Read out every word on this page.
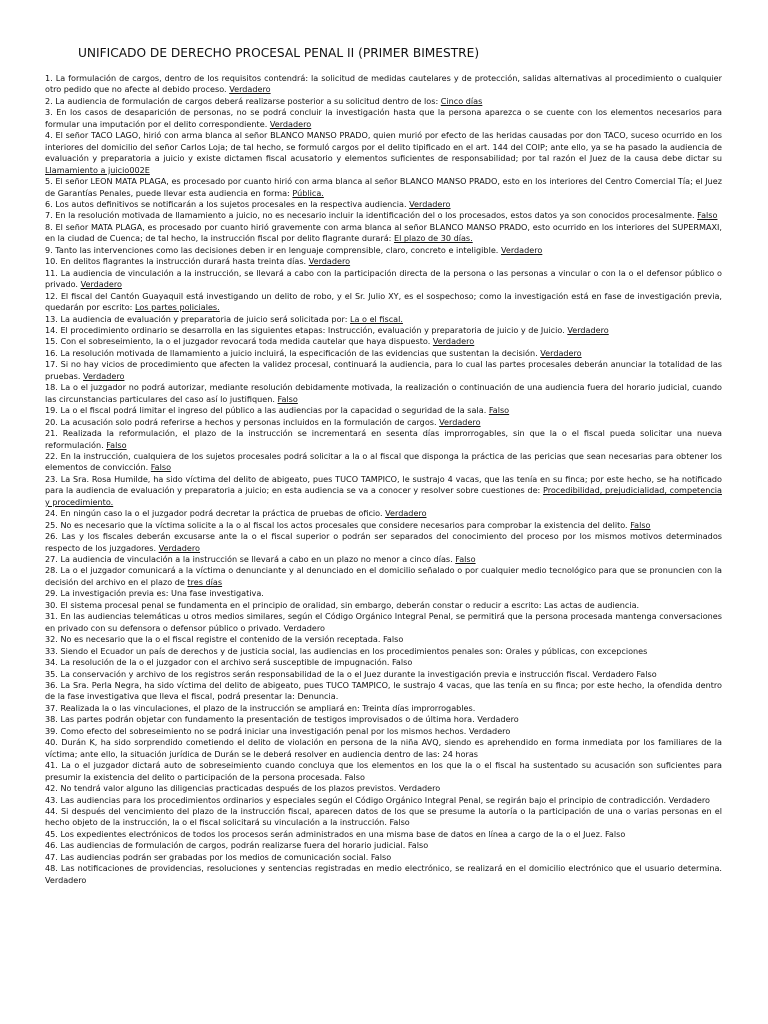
UNIFICADO DE DERECHO PROCESAL PENAL II (PRIMER BIMESTRE)

1. La formulación de cargos, dentro de los requisitos contendrá: la solicitud de medidas cautelares y de protección, salidas alternativas al procedimiento o cualquier otro pedido que no afecte al debido proceso. Verdadero

2. La audiencia de formulación de cargos deberá realizarse posterior a su solicitud dentro de los: Cinco días

3. En los casos de desaparición de personas, no se podrá concluir la investigación hasta que la persona aparezca o se cuente con los elementos necesarios para formular una imputación por el delito correspondiente. Verdadero

4. El señor TACO LAGO, hirió con arma blanca al señor BLANCO MANSO PRADO, quien murió por efecto de las heridas causadas por don TACO, suceso ocurrido en los interiores del domicilio del señor Carlos Loja; de tal hecho, se formuló cargos por el delito tipificado en el art. 144 del COIP; ante ello, ya se ha pasado la audiencia de evaluación y preparatoria a juicio y existe dictamen fiscal acusatorio y elementos suficientes de responsabilidad; por tal razón el Juez de la causa debe dictar su Llamamiento a juicio002E

5. El señor LEON MATA PLAGA, es procesado por cuanto hirió con arma blanca al señor BLANCO MANSO PRADO, esto en los interiores del Centro Comercial Tía; el Juez de Garantías Penales, puede llevar esta audiencia en forma: Pública.

6. Los autos definitivos se notificarán a los sujetos procesales en la respectiva audiencia. Verdadero

7. En la resolución motivada de llamamiento a juicio, no es necesario incluir la identificación del o los procesados, estos datos ya son conocidos procesalmente. Falso

8. El señor MATA PLAGA, es procesado por cuanto hirió gravemente con arma blanca al señor BLANCO MANSO PRADO, esto ocurrido en los interiores del SUPERMAXI, en la ciudad de Cuenca; de tal hecho, la instrucción fiscal por delito flagrante durará: El plazo de 30 días.

9. Tanto las intervenciones como las decisiones deben ir en lenguaje comprensible, claro, concreto e inteligible. Verdadero

10. En delitos flagrantes la instrucción durará hasta treinta días. Verdadero

11. La audiencia de vinculación a la instrucción, se llevará a cabo con la participación directa de la persona o las personas a vincular o con la o el defensor público o privado. Verdadero

12. El fiscal del Cantón Guayaquil está investigando un delito de robo, y el Sr. Julio XY, es el sospechoso; como la investigación está en fase de investigación previa, quedarán por escrito: Los partes policiales.

13. La audiencia de evaluación y preparatoria de juicio será solicitada por: La o el fiscal.

14. El procedimiento ordinario se desarrolla en las siguientes etapas: Instrucción, evaluación y preparatoria de juicio y de Juicio. Verdadero

15. Con el sobreseimiento, la o el juzgador revocará toda medida cautelar que haya dispuesto. Verdadero

16. La resolución motivada de llamamiento a juicio incluirá, la especificación de las evidencias que sustentan la decisión. Verdadero

17. Si no hay vicios de procedimiento que afecten la validez procesal, continuará la audiencia, para lo cual las partes procesales deberán anunciar la totalidad de las pruebas. Verdadero

18. La o el juzgador no podrá autorizar, mediante resolución debidamente motivada, la realización o continuación de una audiencia fuera del horario judicial, cuando las circunstancias particulares del caso así lo justifiquen. Falso

19. La o el fiscal podrá limitar el ingreso del público a las audiencias por la capacidad o seguridad de la sala. Falso

20. La acusación solo podrá referirse a hechos y personas incluidos en la formulación de cargos. Verdadero

21. Realizada la reformulación, el plazo de la instrucción se incrementará en sesenta días improrrogables, sin que la o el fiscal pueda solicitar una nueva reformulación. Falso

22. En la instrucción, cualquiera de los sujetos procesales podrá solicitar a la o al fiscal que disponga la práctica de las pericias que sean necesarias para obtener los elementos de convicción. Falso

23. La Sra. Rosa Humilde, ha sido víctima del delito de abigeato, pues TUCO TAMPICO, le sustrajo 4 vacas, que las tenía en su finca; por este hecho, se ha notificado para la audiencia de evaluación y preparatoria a juicio; en esta audiencia se va a conocer y resolver sobre cuestiones de: Procedibilidad, prejudicialidad, competencia y procedimiento.

24. En ningún caso la o el juzgador podrá decretar la práctica de pruebas de oficio. Verdadero

25. No es necesario que la víctima solicite a la o al fiscal los actos procesales que considere necesarios para comprobar la existencia del delito. Falso

26. Las y los fiscales deberán excusarse ante la o el fiscal superior o podrán ser separados del conocimiento del proceso por los mismos motivos determinados respecto de los juzgadores. Verdadero

27. La audiencia de vinculación a la instrucción se llevará a cabo en un plazo no menor a cinco días. Falso

28. La o el juzgador comunicará a la víctima o denunciante y al denunciado en el domicilio señalado o por cualquier medio tecnológico para que se pronuncien con la decisión del archivo en el plazo de tres días

29. La investigación previa es: Una fase investigativa.

30. El sistema procesal penal se fundamenta en el principio de oralidad, sin embargo, deberán constar o reducir a escrito: Las actas de audiencia.

31. En las audiencias telemáticas u otros medios similares, según el Código Orgánico Integral Penal, se permitirá que la persona procesada mantenga conversaciones en privado con su defensora o defensor público o privado. Verdadero

32. No es necesario que la o el fiscal registre el contenido de la versión receptada. Falso

33. Siendo el Ecuador un país de derechos y de justicia social, las audiencias en los procedimientos penales son: Orales y públicas, con excepciones

34. La resolución de la o el juzgador con el archivo será susceptible de impugnación. Falso

35. La conservación y archivo de los registros serán responsabilidad de la o el Juez durante la investigación previa e instrucción fiscal. Verdadero Falso

36. La Sra. Perla Negra, ha sido víctima del delito de abigeato, pues TUCO TAMPICO, le sustrajo 4 vacas, que las tenía en su finca; por este hecho, la ofendida dentro de la fase investigativa que lleva el fiscal, podrá presentar la: Denuncia.

37. Realizada la o las vinculaciones, el plazo de la instrucción se ampliará en: Treinta días improrrogables.

38. Las partes podrán objetar con fundamento la presentación de testigos improvisados o de última hora. Verdadero

39. Como efecto del sobreseimiento no se podrá iniciar una investigación penal por los mismos hechos. Verdadero

40. Durán K, ha sido sorprendido cometiendo el delito de violación en persona de la niña AVQ, siendo es aprehendido en forma inmediata por los familiares de la víctima; ante ello, la situación jurídica de Durán se le deberá resolver en audiencia dentro de las: 24 horas

41. La o el juzgador dictará auto de sobreseimiento cuando concluya que los elementos en los que la o el fiscal ha sustentado su acusación son suficientes para presumir la existencia del delito o participación de la persona procesada. Falso

42. No tendrá valor alguno las diligencias practicadas después de los plazos previstos. Verdadero

43. Las audiencias para los procedimientos ordinarios y especiales según el Código Orgánico Integral Penal, se regirán bajo el principio de contradicción. Verdadero

44. Si después del vencimiento del plazo de la instrucción fiscal, aparecen datos de los que se presume la autoría o la participación de una o varias personas en el hecho objeto de la instrucción, la o el fiscal solicitará su vinculación a la instrucción. Falso

45. Los expedientes electrónicos de todos los procesos serán administrados en una misma base de datos en línea a cargo de la o el Juez. Falso

46. Las audiencias de formulación de cargos, podrán realizarse fuera del horario judicial. Falso

47. Las audiencias podrán ser grabadas por los medios de comunicación social. Falso

48. Las notificaciones de providencias, resoluciones y sentencias registradas en medio electrónico, se realizará en el domicilio electrónico que el usuario determina. Verdadero
